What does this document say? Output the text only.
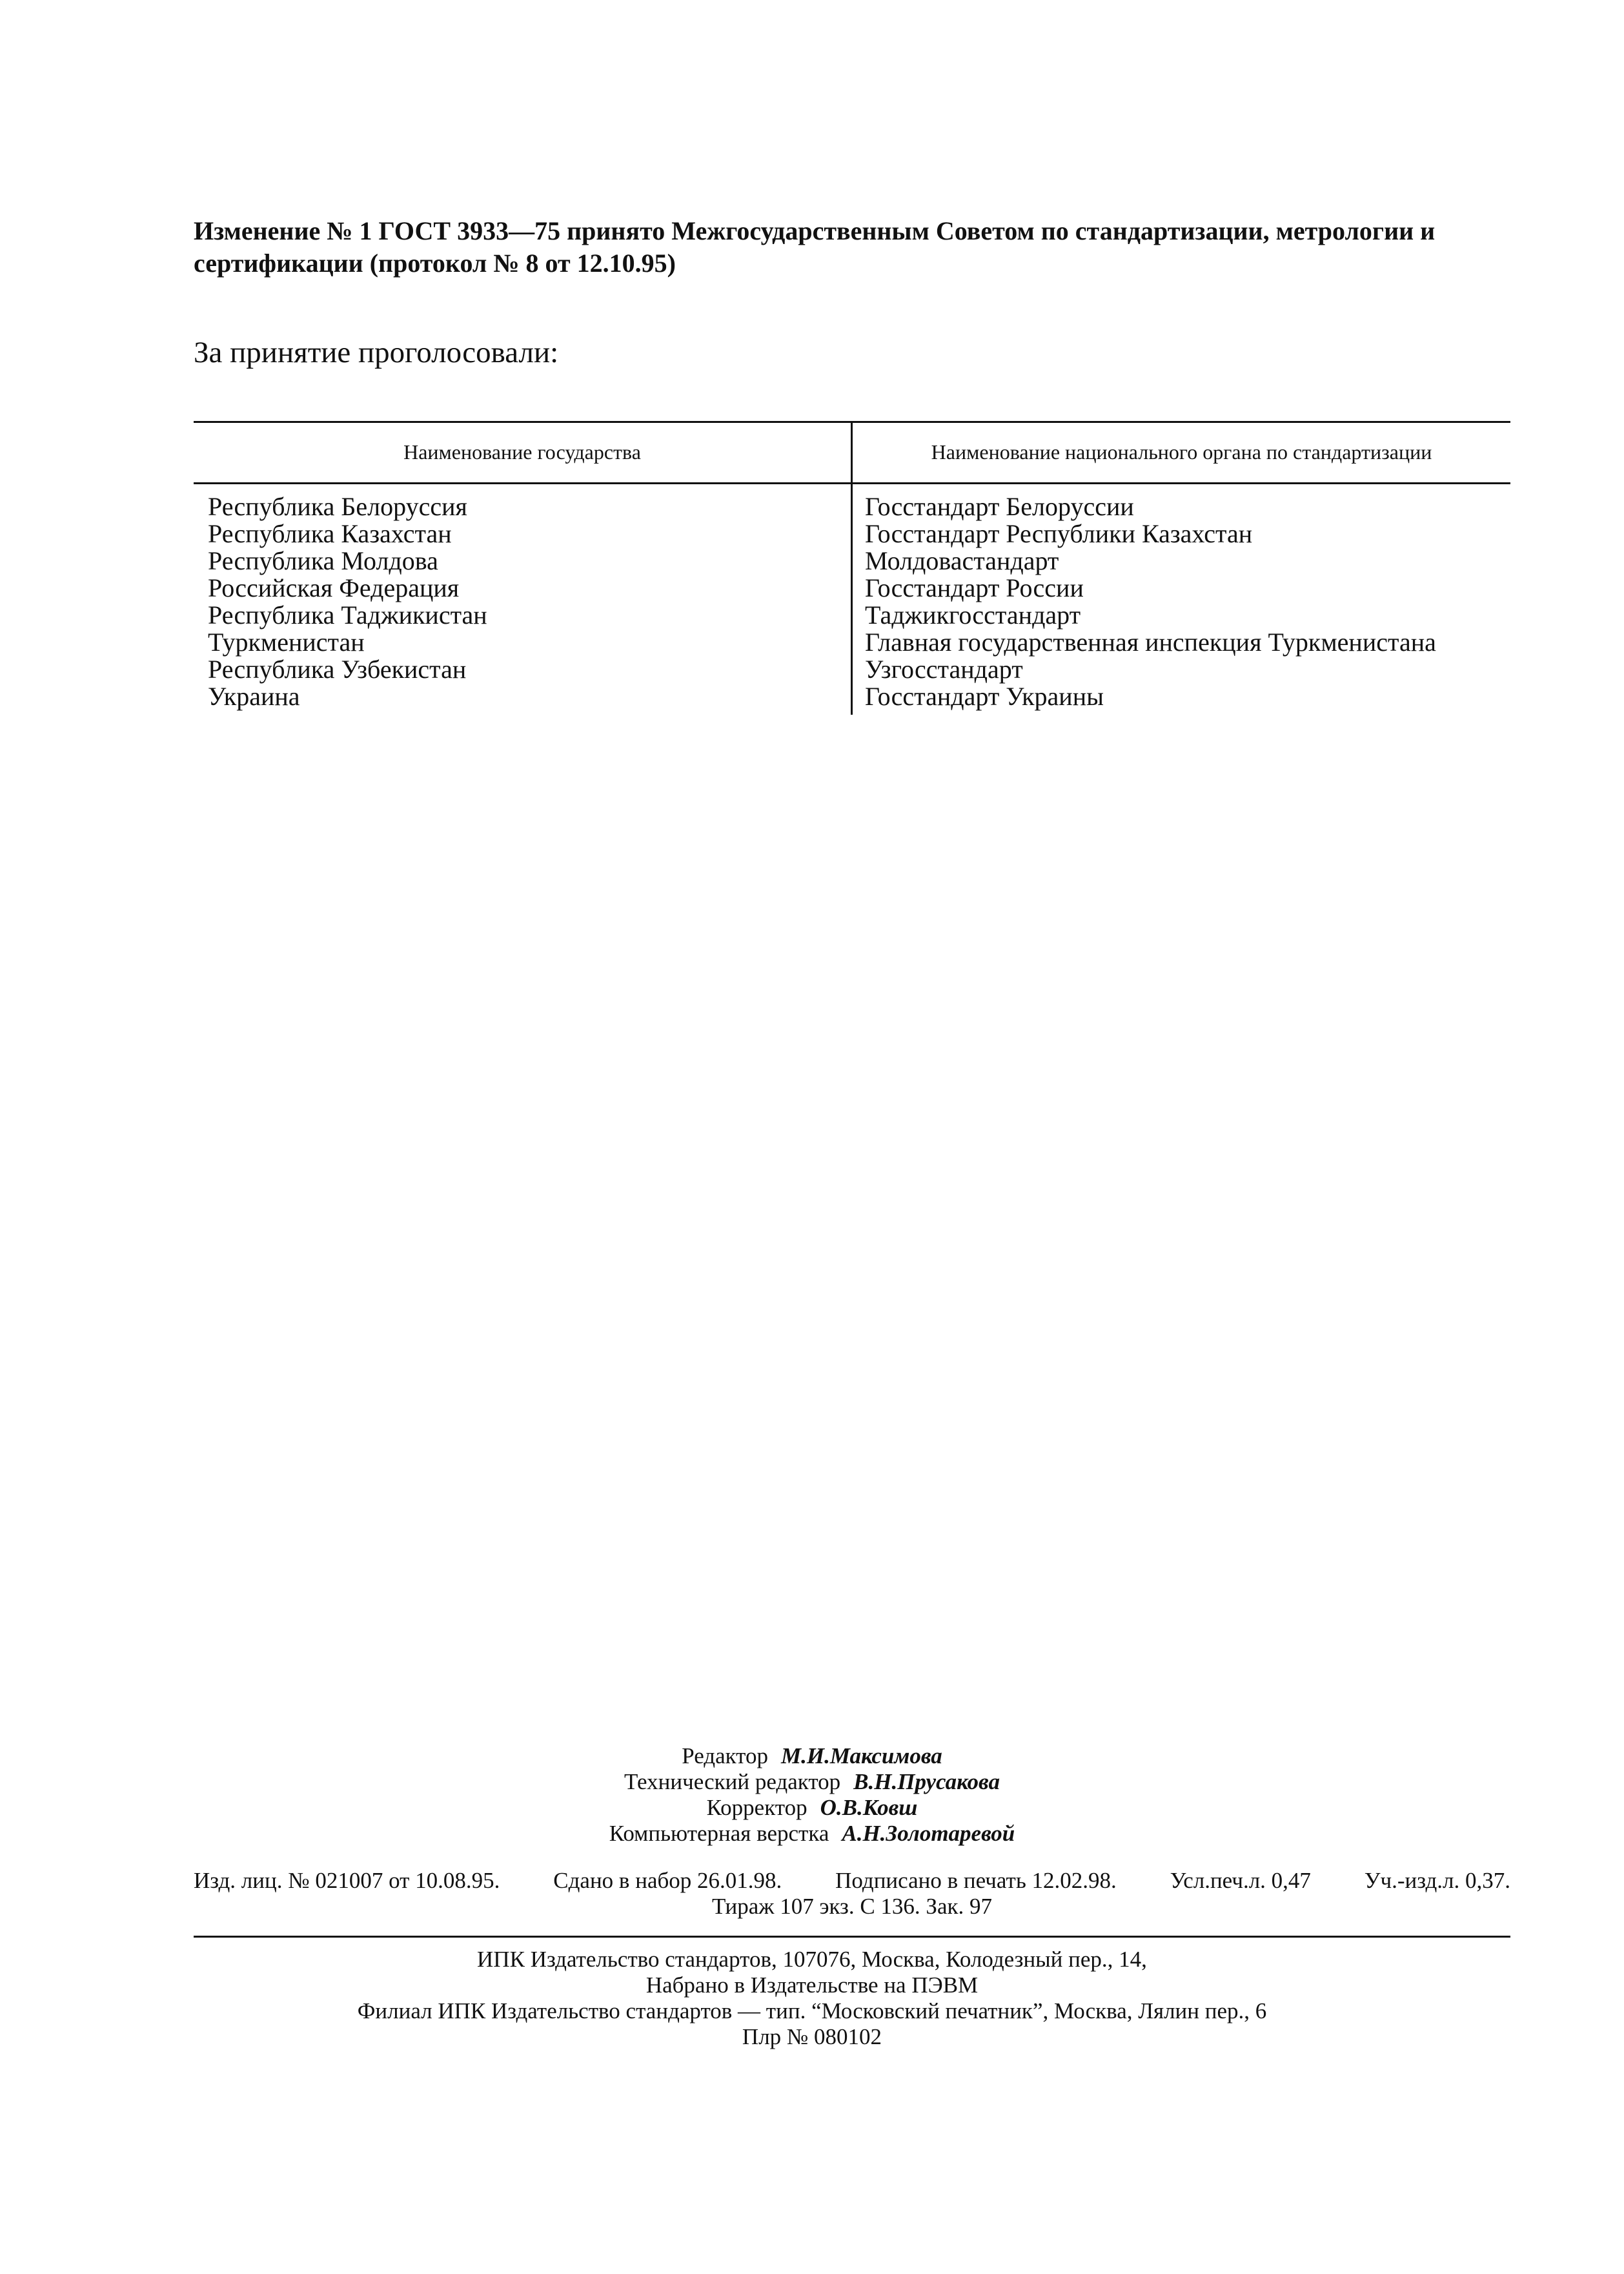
Изменение № 1 ГОСТ 3933—75 принято Межгосударственным Советом по стандартизации, метрологии и сертификации (протокол № 8 от 12.10.95)
За принятие проголосовали:
Наименование государства	Наименование национального органа по стандартизации
Республика Белоруссия	Госстандарт Белоруссии
Республика Казахстан	Госстандарт Республики Казахстан
Республика Молдова	Молдовастандарт
Российская Федерация	Госстандарт России
Республика Таджикистан	Таджикгосстандарт
Туркменистан	Главная государственная инспекция Туркменистана
Республика Узбекистан	Узгосстандарт
Украина	Госстандарт Украины
Редактор М.И.Максимова
Технический редактор В.Н.Прусакова
Корректор О.В.Ковш
Компьютерная верстка А.Н.Золотаревой
Изд. лиц. № 021007 от 10.08.95. Сдано в набор 26.01.98. Подписано в печать 12.02.98. Усл.печ.л. 0,47 Уч.-изд.л. 0,37.
Тираж 107 экз. С 136. Зак. 97
ИПК Издательство стандартов, 107076, Москва, Колодезный пер., 14,
Набрано в Издательстве на ПЭВМ
Филиал ИПК Издательство стандартов — тип. “Московский печатник”, Москва, Лялин пер., 6
Плр № 080102
